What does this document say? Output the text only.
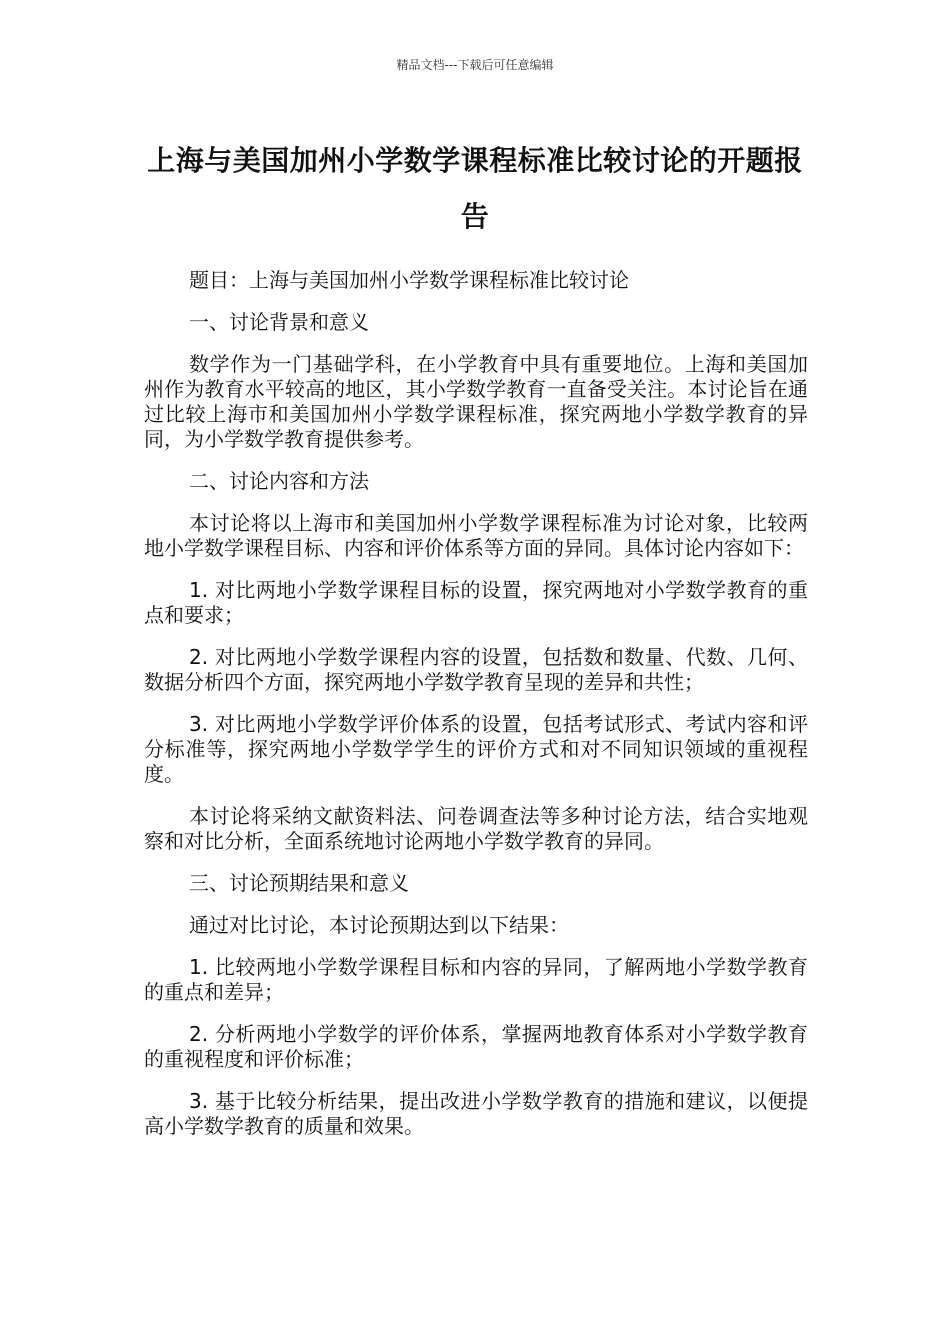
精品文档---下载后可任意编辑
上海与美国加州小学数学课程标准比较讨论的开题报告

题目：上海与美国加州小学数学课程标准比较讨论

一、讨论背景和意义

数学作为一门基础学科，在小学教育中具有重要地位。上海和美国加州作为教育水平较高的地区，其小学数学教育一直备受关注。本讨论旨在通过比较上海市和美国加州小学数学课程标准，探究两地小学数学教育的异同，为小学数学教育提供参考。

二、讨论内容和方法

本讨论将以上海市和美国加州小学数学课程标准为讨论对象，比较两地小学数学课程目标、内容和评价体系等方面的异同。具体讨论内容如下：

1. 对比两地小学数学课程目标的设置，探究两地对小学数学教育的重点和要求；

2. 对比两地小学数学课程内容的设置，包括数和数量、代数、几何、数据分析四个方面，探究两地小学数学教育呈现的差异和共性；

3. 对比两地小学数学评价体系的设置，包括考试形式、考试内容和评分标准等，探究两地小学数学学生的评价方式和对不同知识领域的重视程度。

本讨论将采纳文献资料法、问卷调查法等多种讨论方法，结合实地观察和对比分析，全面系统地讨论两地小学数学教育的异同。

三、讨论预期结果和意义

通过对比讨论，本讨论预期达到以下结果：

1. 比较两地小学数学课程目标和内容的异同，了解两地小学数学教育的重点和差异；

2. 分析两地小学数学的评价体系，掌握两地教育体系对小学数学教育的重视程度和评价标准；

3. 基于比较分析结果，提出改进小学数学教育的措施和建议，以便提高小学数学教育的质量和效果。
